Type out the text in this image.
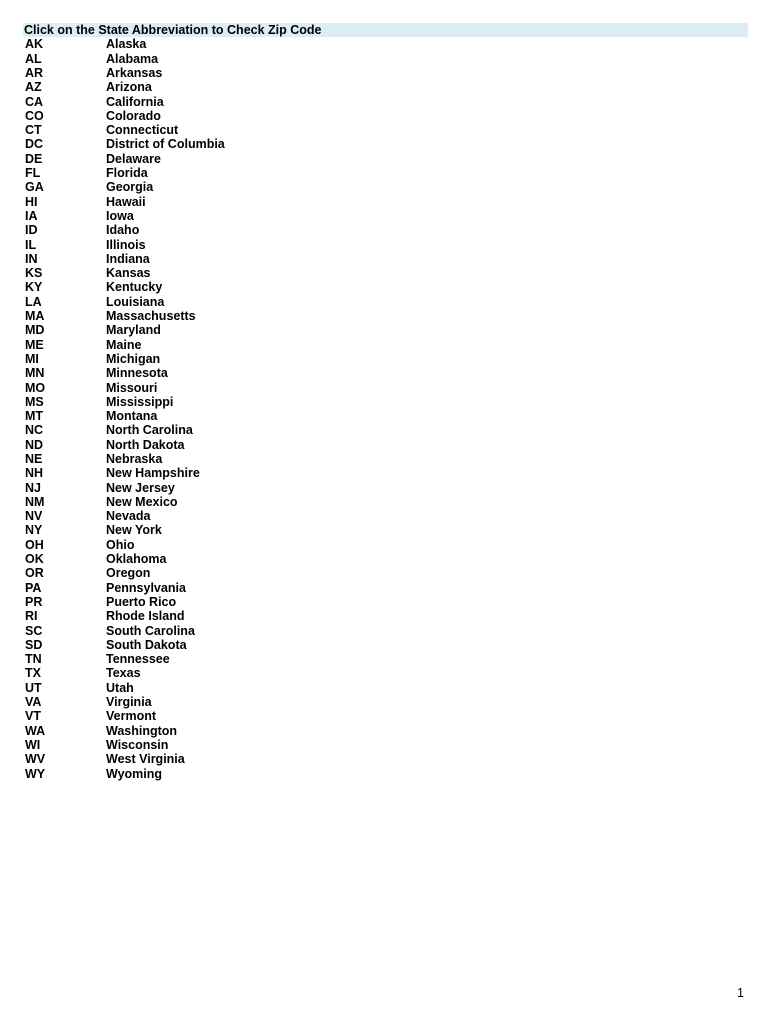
Click on the State Abbreviation to Check Zip Code
AK	Alaska
AL	Alabama
AR	Arkansas
AZ	Arizona
CA	California
CO	Colorado
CT	Connecticut
DC	District of Columbia
DE	Delaware
FL	Florida
GA	Georgia
HI	Hawaii
IA	Iowa
ID	Idaho
IL	Illinois
IN	Indiana
KS	Kansas
KY	Kentucky
LA	Louisiana
MA	Massachusetts
MD	Maryland
ME	Maine
MI	Michigan
MN	Minnesota
MO	Missouri
MS	Mississippi
MT	Montana
NC	North Carolina
ND	North Dakota
NE	Nebraska
NH	New Hampshire
NJ	New Jersey
NM	New Mexico
NV	Nevada
NY	New York
OH	Ohio
OK	Oklahoma
OR	Oregon
PA	Pennsylvania
PR	Puerto Rico
RI	Rhode Island
SC	South Carolina
SD	South Dakota
TN	Tennessee
TX	Texas
UT	Utah
VA	Virginia
VT	Vermont
WA	Washington
WI	Wisconsin
WV	West Virginia
WY	Wyoming
1
